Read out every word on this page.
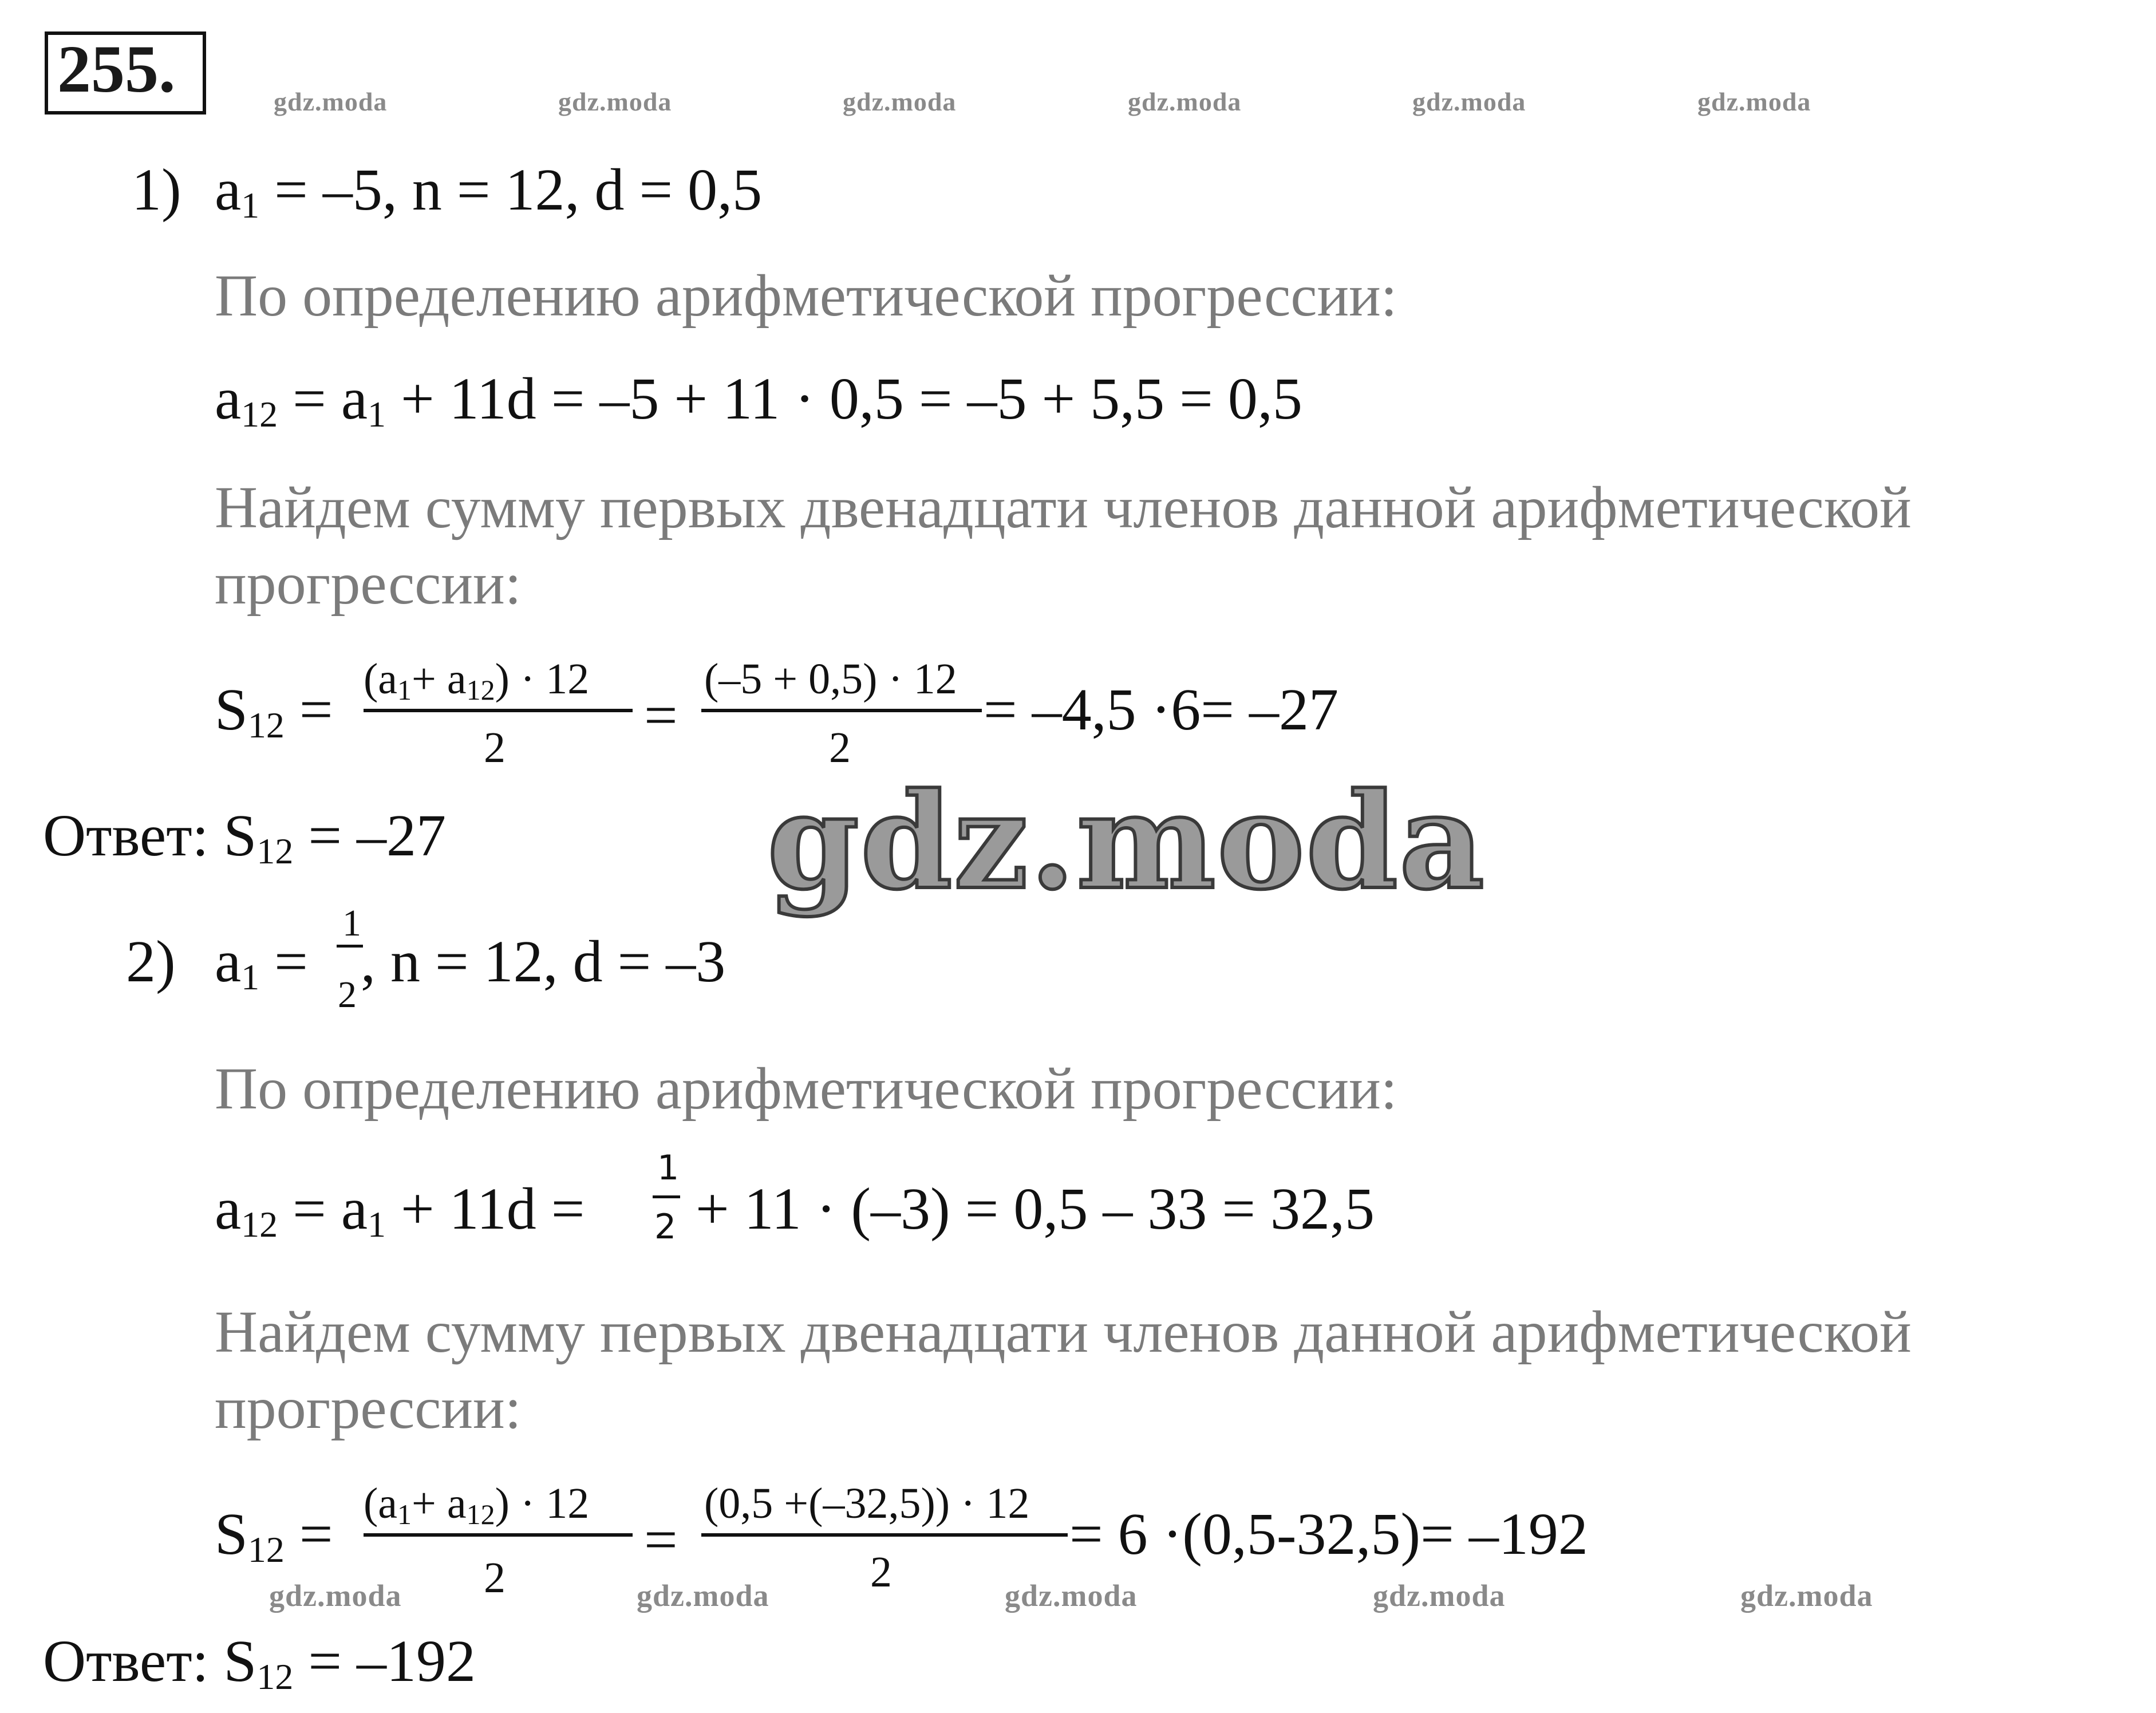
255.	gdz.moda	gdz.moda	gdz.moda	gdz.moda	gdz.moda	gdz.moda
1) $a_1 = -5$, n = 12, d = 0,5
По определению арифметической прогрессии:
$a_{12} = a_1 + 11d = -5 + 11 \cdot 0,5 = -5 + 5,5 = 0,5$
Найдем сумму первых двенадцати членов данной арифметической
прогрессии:
$S_{12} = (a_1+ a_{12}) \cdot 12$
2 =
(–5 + 0,5) · 12
2
= –4,5 ·6= –27
Ответ: $S_{12} = -27$ gdz.moda
2) $a_1$ =
1
2
, n = 12, d = –3
По определению арифметической прогрессии:
$a_{12} = a_1 + 11d$ =
1
2 + 11 · (–3) = 0,5 – 33 = 32,5
Найдем сумму первых двенадцати членов данной арифметической
прогрессии:
$S_{12} = (a_1+ a_{12}) \cdot 12$
2
=
(0,5 +(–32,5)) · 12
2
= 6 ·(0,5-32,5)= –192
gdz.moda	gdz.moda	gdz.moda	gdz.moda	gdz.moda
Ответ: $S_{12} = -192$
